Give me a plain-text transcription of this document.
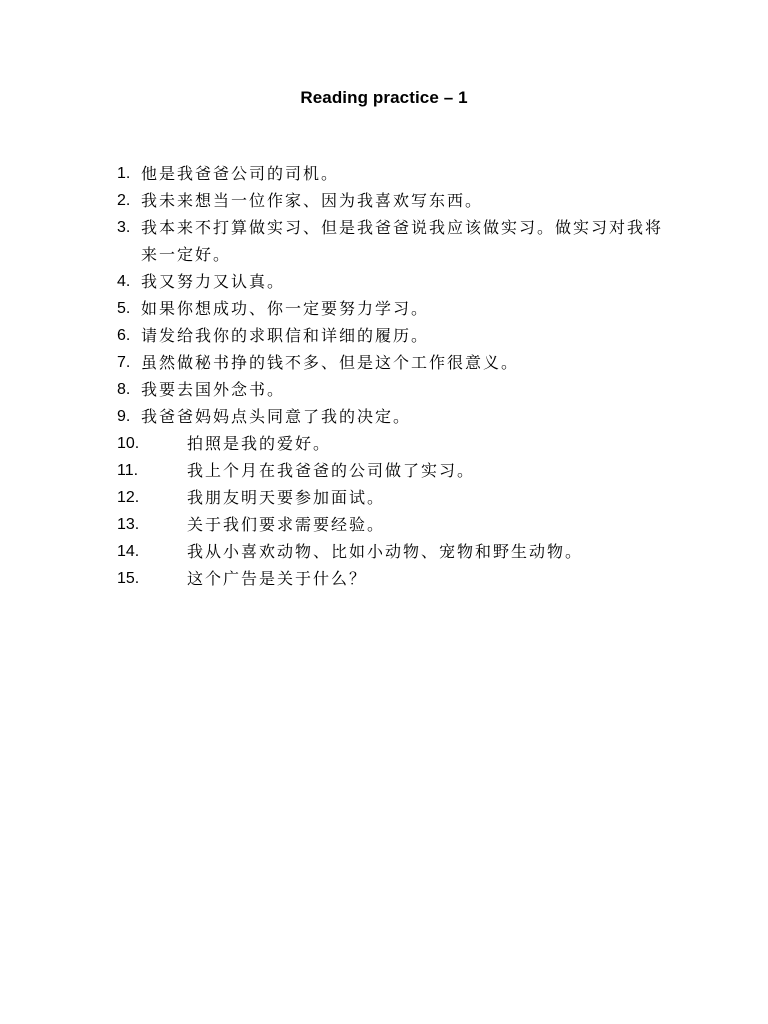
Reading practice – 1
1. 他是我爸爸公司的司机。
2. 我未来想当一位作家、因为我喜欢写东西。
3. 我本来不打算做实习、但是我爸爸说我应该做实习。做实习对我将来一定好。
4. 我又努力又认真。
5. 如果你想成功、你一定要努力学习。
6. 请发给我你的求职信和详细的履历。
7. 虽然做秘书挣的钱不多、但是这个工作很意义。
8. 我要去国外念书。
9. 我爸爸妈妈点头同意了我的决定。
10.	拍照是我的爱好。
11.	我上个月在我爸爸的公司做了实习。
12.	我朋友明天要参加面试。
13.	关于我们要求需要经验。
14.	我从小喜欢动物、比如小动物、宠物和野生动物。
15.	这个广告是关于什么？
